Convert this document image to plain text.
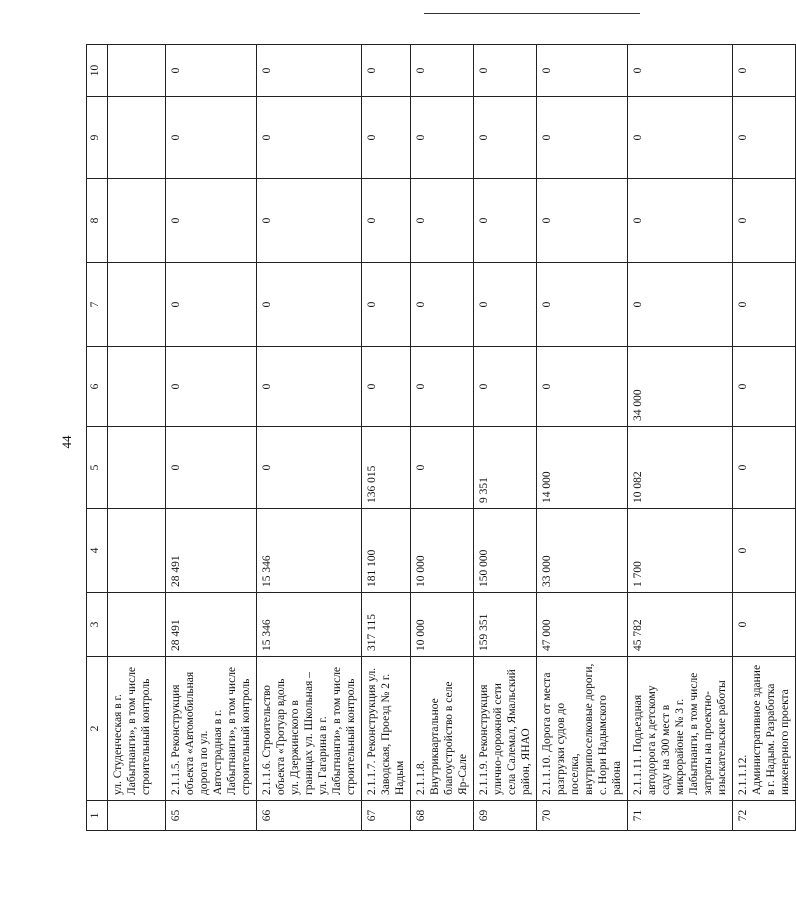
44
1	2	3	4	5	6	7	8	9	10
	ул. Студенческая в г. Лабытнанги», в том числе строительный контроль								
65	2.1.1.5. Реконструкция объекта «Автомобильная дорога по ул. Автострадная в г. Лабытнанги», в том числе строительный контроль	28 491	28 491	0	0	0	0	0	0
66	2.1.1.6. Строительство объекта «Тротуар вдоль ул. Дзержинского в границах ул. Школьная – ул. Гагарина в г. Лабытнанги», в том числе строительный контроль	15 346	15 346	0	0	0	0	0	0
67	2.1.1.7. Реконструкция ул. Заводская, Проезд № 2 г. Надым	317 115	181 100	136 015	0	0	0	0	0
68	2.1.1.8. Внутриквартальное благоустройство в селе Яр-Сале	10 000	10 000	0	0	0	0	0	0
69	2.1.1.9. Реконструкция улично-дорожной сети села Салемал, Ямальский район, ЯНАО	159 351	150 000	9 351	0	0	0	0	0
70	2.1.1.10. Дорога от места разгрузки судов до поселка, внутрипоселковые дороги, с. Нори Надымского района	47 000	33 000	14 000	0	0	0	0	0
71	2.1.1.11. Подъездная автодорога к детскому саду на 300 мест в микрорайоне № 3 г. Лабытнанги, в том числе затраты на проектно-изыскательские работы	45 782	1 700	10 082	34 000	0	0	0	0
72	2.1.1.12. Административное здание в г. Надым. Разработка инженерного проекта	0	0	0	0	0	0	0	0
